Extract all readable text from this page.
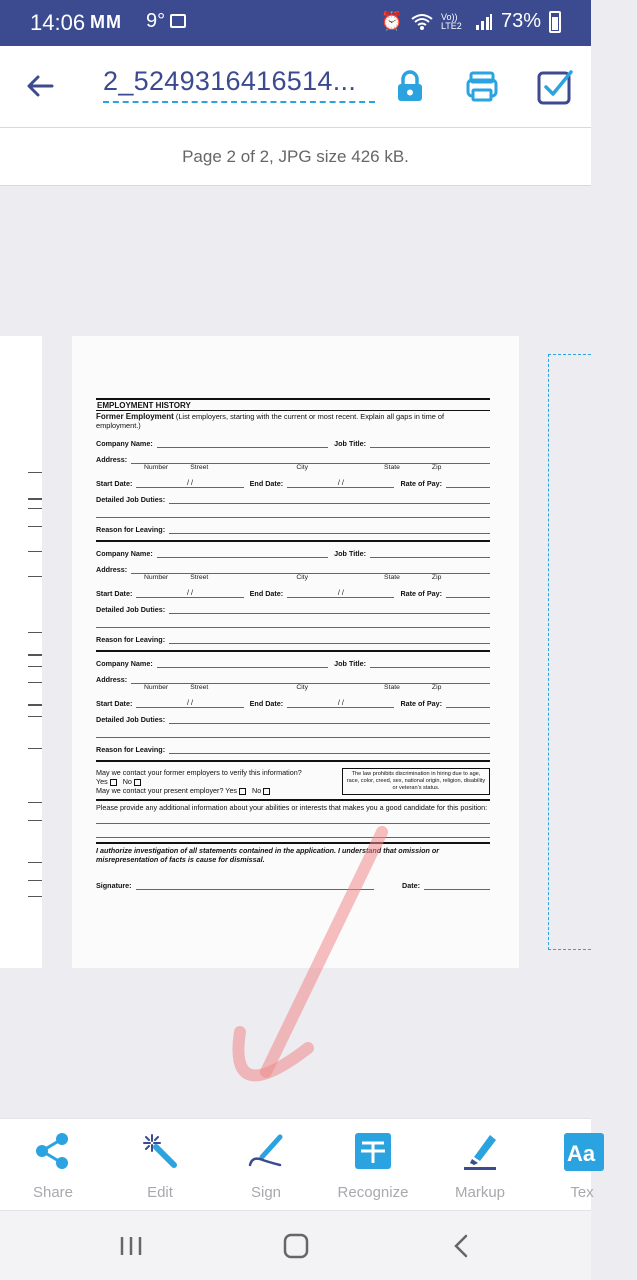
14:06 MM 9°	⏰	Vo)) LTE2 73%
2_5249316416514...
Page 2 of 2, JPG size 426 kB.
EMPLOYMENT HISTORY
Former Employment (List employers, starting with the current or most recent. Explain all gaps in time of employment.)
Company Name:	Job Title:
Address:
Number	Street	City	State	Zip
Start Date:	/ /	End Date:	/ /	Rate of Pay:
Detailed Job Duties:
Reason for Leaving:
Company Name:	Job Title:
Address:
Number	Street	City	State	Zip
Start Date:	/ /	End Date:	/ /	Rate of Pay:
Detailed Job Duties:
Reason for Leaving:
Company Name:	Job Title:
Address:
Number	Street	City	State	Zip
Start Date:	/ /	End Date:	/ /	Rate of Pay:
Detailed Job Duties:
Reason for Leaving:
May we contact your former employers to verify this information?
Yes No
May we contact your present employer? Yes No
The law prohibits discrimination in hiring due to age, race, color, creed, sex, national origin, religion, disability or veteran's status.
Please provide any additional information about your abilities or interests that makes you a good candidate for this position:
I authorize investigation of all statements contained in the application. I understand that omission or misrepresentation of facts is cause for dismissal.
Signature:	Date:
Share	Edit	Sign	Recognize	Markup
Aa
Tex
